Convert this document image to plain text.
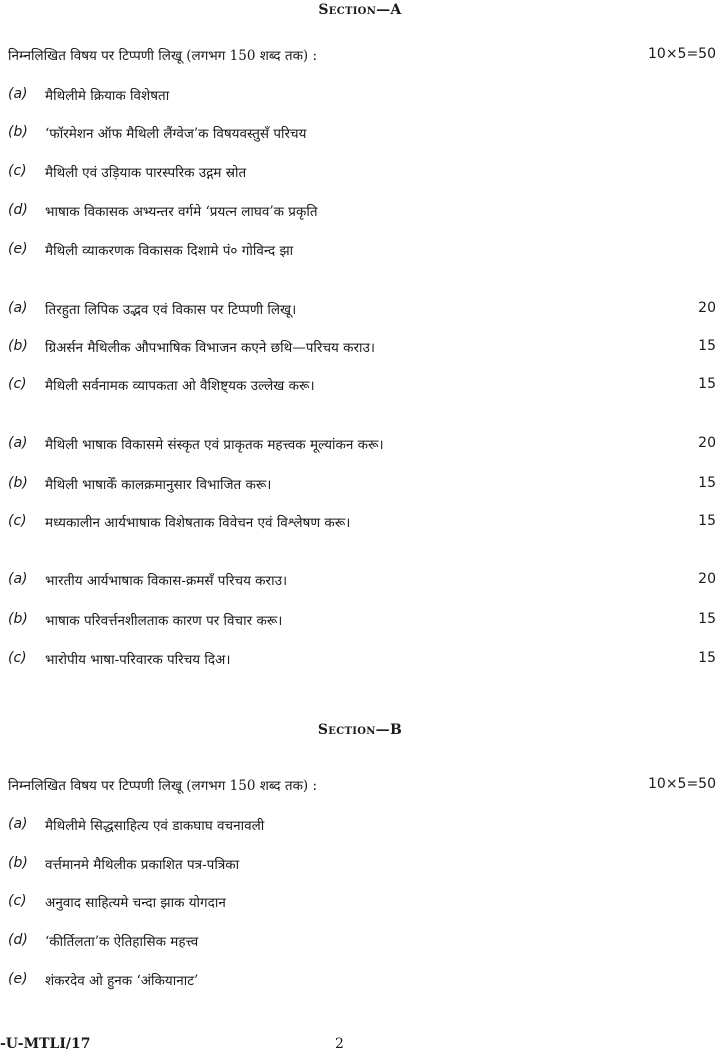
Section—A
निम्नलिखित विषय पर टिप्पणी लिखू (लगभग 150 शब्द तक) :	10×5=50
(a)	मैथिलीमे क्रियाक विशेषता
(b)	‘फॉरमेशन ऑफ मैथिली लैंग्वेज’क विषयवस्तुसँ परिचय
(c)	मैथिली एवं उड़ियाक पारस्परिक उद्गम स्रोत
(d)	भाषाक विकासक अभ्यन्तर वर्गमे ‘प्रयत्न लाघव’क प्रकृति
(e)	मैथिली व्याकरणक विकासक दिशामे पं० गोविन्द झा
(a)	तिरहुता लिपिक उद्भव एवं विकास पर टिप्पणी लिखू।	20
(b)	ग्रिअर्सन मैथिलीक औपभाषिक विभाजन कएने छथि—परिचय कराउ।	15
(c)	मैथिली सर्वनामक व्यापकता ओ वैशिष्ट्यक उल्लेख करू।	15
(a)	मैथिली भाषाक विकासमे संस्कृत एवं प्राकृतक महत्त्वक मूल्यांकन करू।	20
(b)	मैथिली भाषाकेँ कालक्रमानुसार विभाजित करू।	15
(c)	मध्यकालीन आर्यभाषाक विशेषताक विवेचन एवं विश्लेषण करू।	15
(a)	भारतीय आर्यभाषाक विकास-क्रमसँ परिचय कराउ।	20
(b)	भाषाक परिवर्त्तनशीलताक कारण पर विचार करू।	15
(c)	भारोपीय भाषा-परिवारक परिचय दिअ।	15
Section—B
निम्नलिखित विषय पर टिप्पणी लिखू (लगभग 150 शब्द तक) :	10×5=50
(a)	मैथिलीमे सिद्धसाहित्य एवं डाकघाघ वचनावली
(b)	वर्त्तमानमे मैथिलीक प्रकाशित पत्र-पत्रिका
(c)	अनुवाद साहित्यमे चन्दा झाक योगदान
(d)	‘कीर्तिलता’क ऐतिहासिक महत्त्व
(e)	शंकरदेव ओ हुनक ‘अंकियानाट’
-U-MTLI/17	2
